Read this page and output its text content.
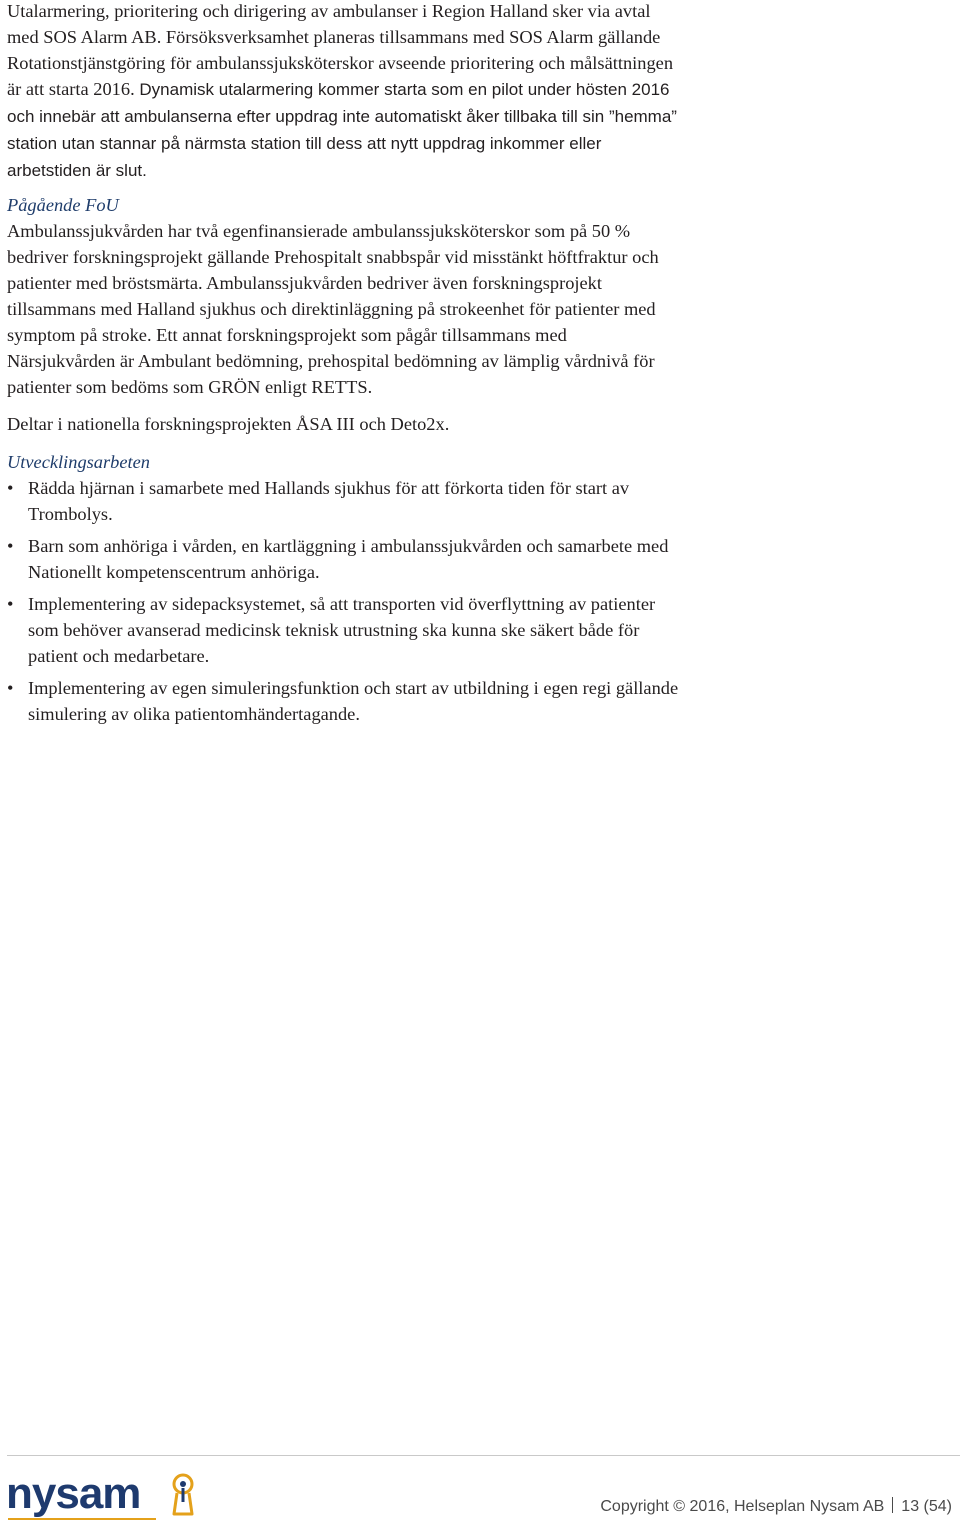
Utalarmering, prioritering och dirigering av ambulanser i Region Halland sker via avtal med SOS Alarm AB. Försöksverksamhet planeras tillsammans med SOS Alarm gällande Rotationstjänstgöring för ambulanssjuksköterskor avseende prioritering och målsättningen är att starta 2016. Dynamisk utalarmering kommer starta som en pilot under hösten 2016 och innebär att ambulanserna efter uppdrag inte automatiskt åker tillbaka till sin ”hemma” station utan stannar på närmsta station till dess att nytt uppdrag inkommer eller arbetstiden är slut.

Pågående FoU

Ambulanssjukvården har två egenfinansierade ambulanssjuksköterskor som på 50 % bedriver forskningsprojekt gällande Prehospitalt snabbspår vid misstänkt höftfraktur och patienter med bröstsmärta. Ambulanssjukvården bedriver även forskningsprojekt tillsammans med Halland sjukhus och direktinläggning på strokeenhet för patienter med symptom på stroke. Ett annat forskningsprojekt som pågår tillsammans med Närsjukvården är Ambulant bedömning, prehospital bedömning av lämplig vårdnivå för patienter som bedöms som GRÖN enligt RETTS.

Deltar i nationella forskningsprojekten ÅSA III och Deto2x.

Utvecklingsarbeten

• Rädda hjärnan i samarbete med Hallands sjukhus för att förkorta tiden för start av Trombolys.
• Barn som anhöriga i vården, en kartläggning i ambulanssjukvården och samarbete med Nationellt kompetenscentrum anhöriga.
• Implementering av sidepacksystemet, så att transporten vid överflyttning av patienter som behöver avanserad medicinsk teknisk utrustning ska kunna ske säkert både för patient och medarbetare.
• Implementering av egen simuleringsfunktion och start av utbildning i egen regi gällande simulering av olika patientomhändertagande.
nysam	Copyright © 2016, Helseplan Nysam AB 13 (54)
